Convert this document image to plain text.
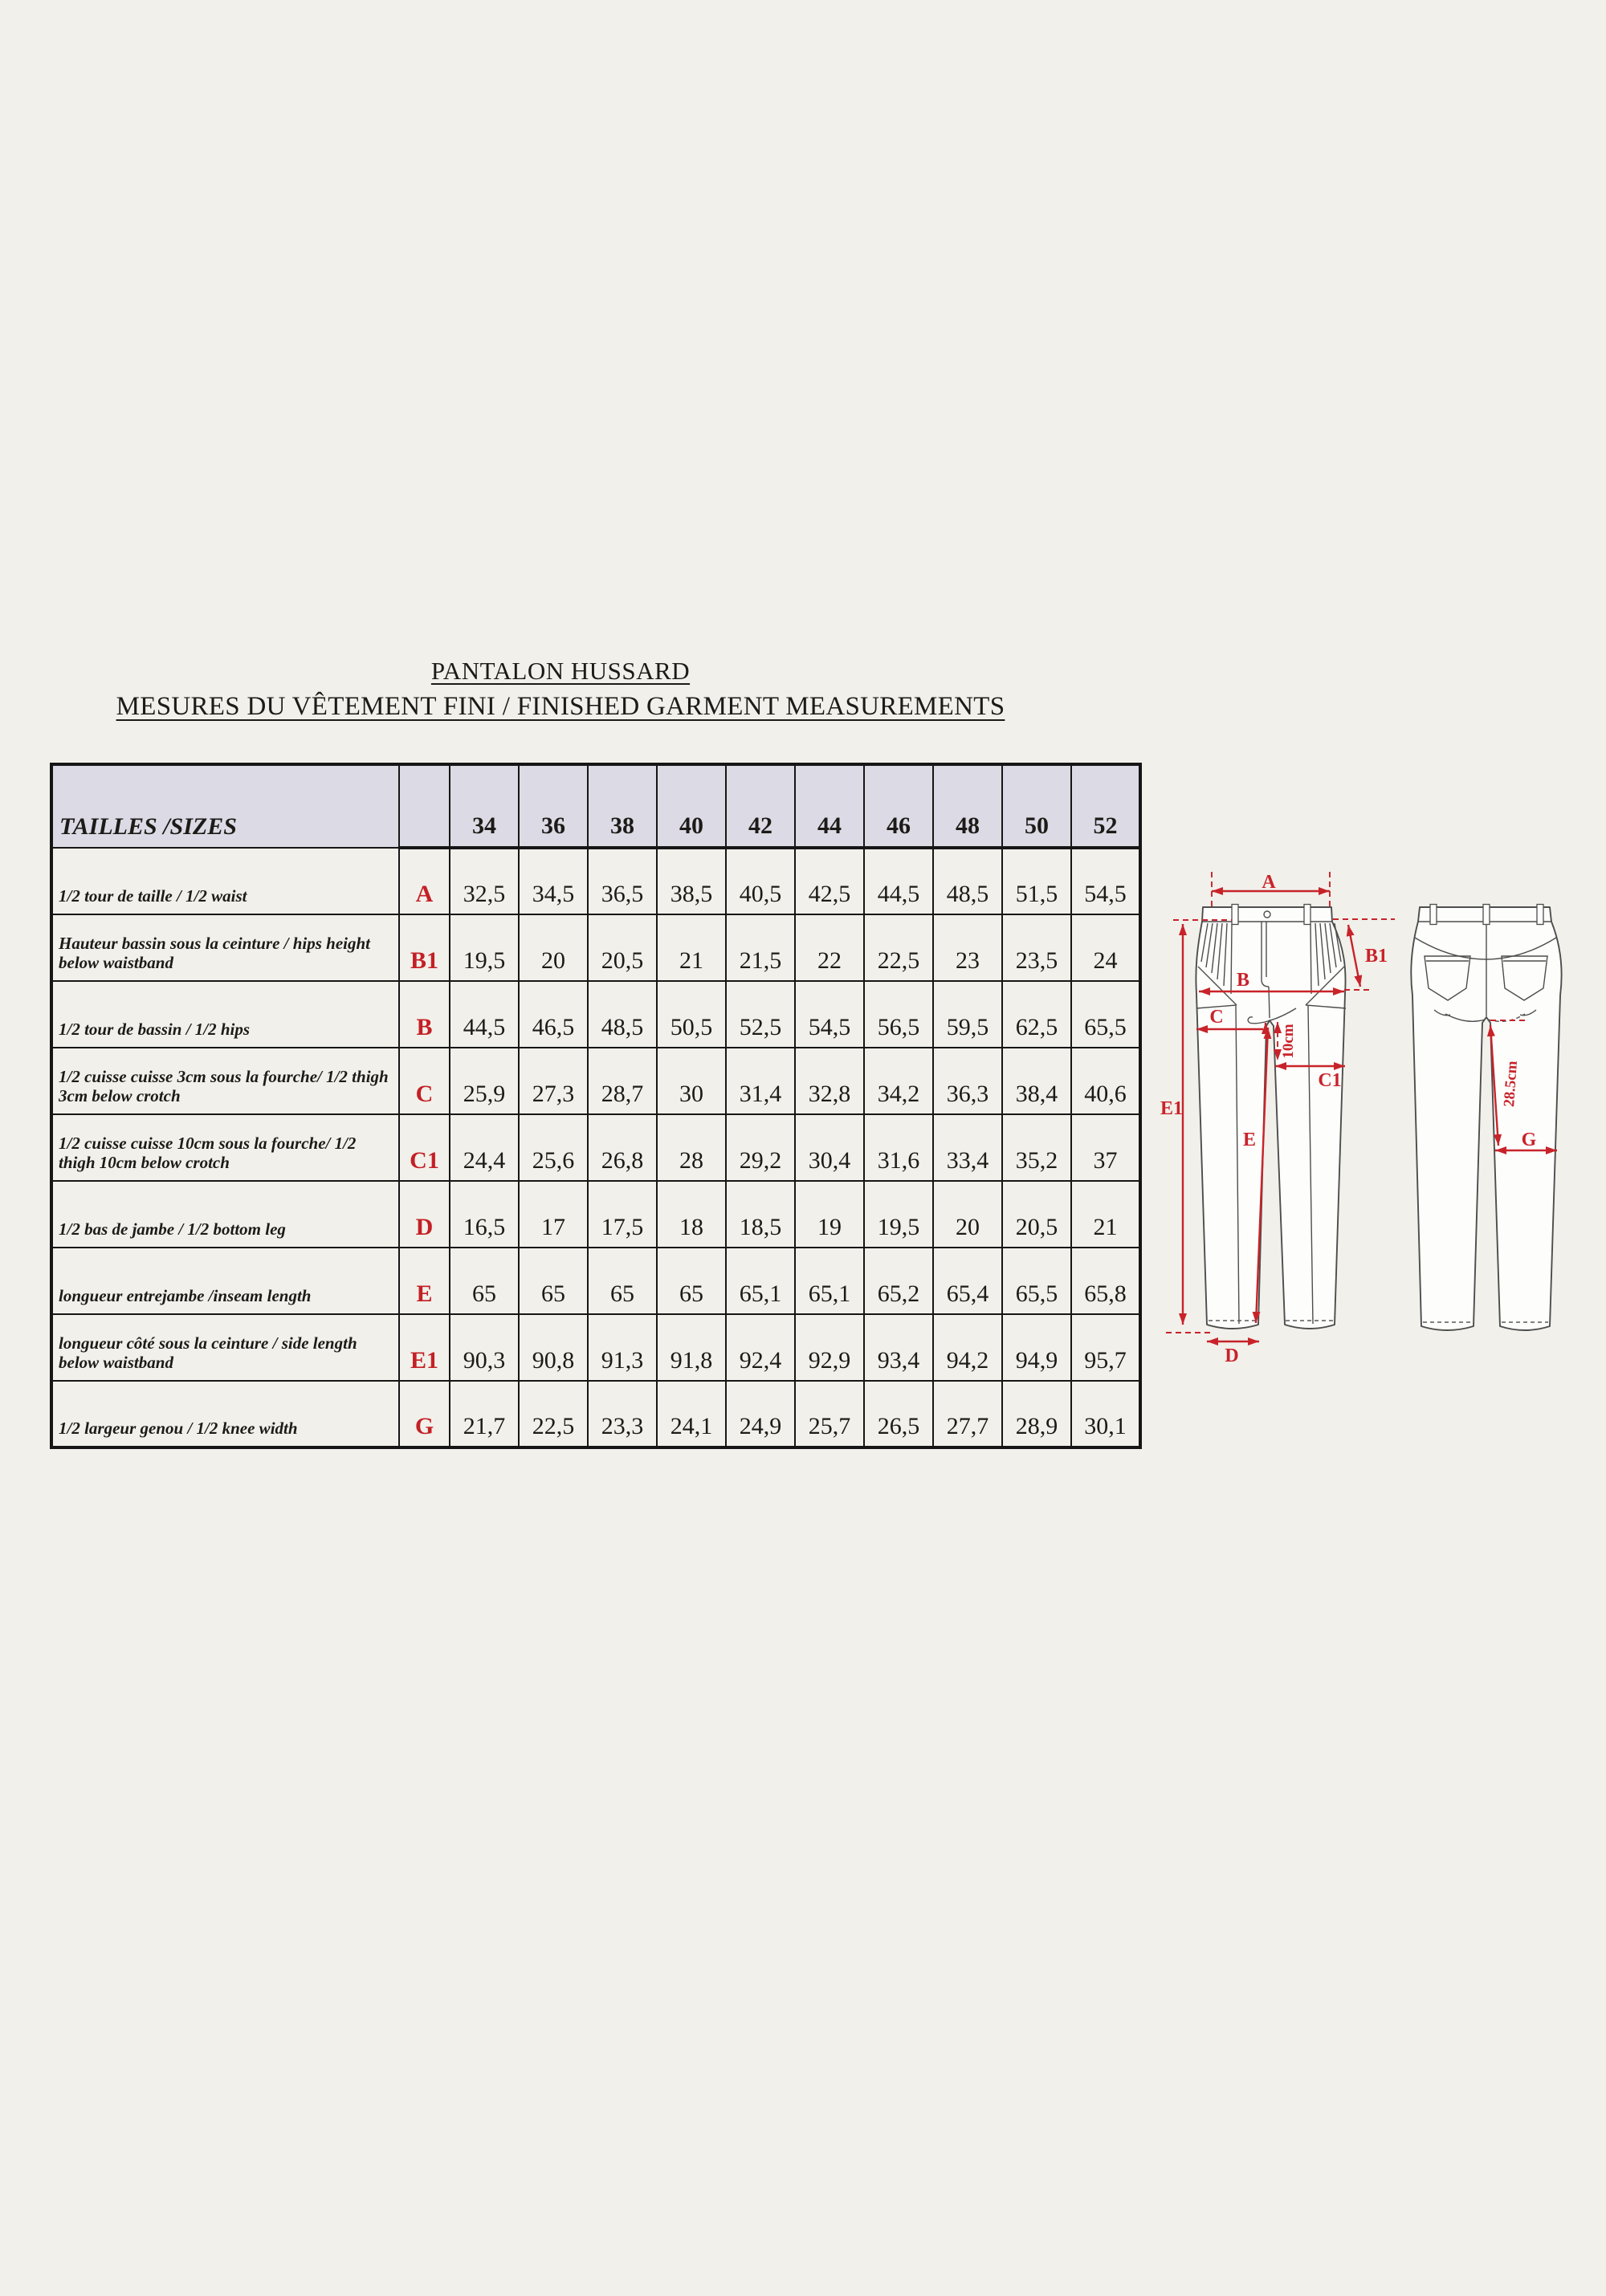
PANTALON HUSSARD
MESURES DU VÊTEMENT FINI / FINISHED GARMENT MEASUREMENTS
TAILLES /SIZES		34	36	38	40	42	44	46	48	50	52
1/2 tour de taille / 1/2 waist	A	32,5	34,5	36,5	38,5	40,5	42,5	44,5	48,5	51,5	54,5
Hauteur bassin sous la ceinture / hips height below waistband	B1	19,5	20	20,5	21	21,5	22	22,5	23	23,5	24
1/2 tour de bassin / 1/2 hips	B	44,5	46,5	48,5	50,5	52,5	54,5	56,5	59,5	62,5	65,5
1/2 cuisse cuisse 3cm sous la fourche/ 1/2 thigh 3cm below crotch	C	25,9	27,3	28,7	30	31,4	32,8	34,2	36,3	38,4	40,6
1/2 cuisse cuisse 10cm sous la fourche/ 1/2 thigh 10cm below crotch	C1	24,4	25,6	26,8	28	29,2	30,4	31,6	33,4	35,2	37
1/2 bas de jambe / 1/2 bottom leg	D	16,5	17	17,5	18	18,5	19	19,5	20	20,5	21
longueur entrejambe /inseam length	E	65	65	65	65	65,1	65,1	65,2	65,4	65,5	65,8
longueur côté sous la ceinture / side length below waistband	E1	90,3	90,8	91,3	91,8	92,4	92,9	93,4	94,2	94,9	95,7
1/2 largeur genou / 1/2 knee width	G	21,7	22,5	23,3	24,1	24,9	25,7	26,5	27,7	28,9	30,1
A
B1
B
C
10cm
C1
E1
E
D
28.5cm
G
